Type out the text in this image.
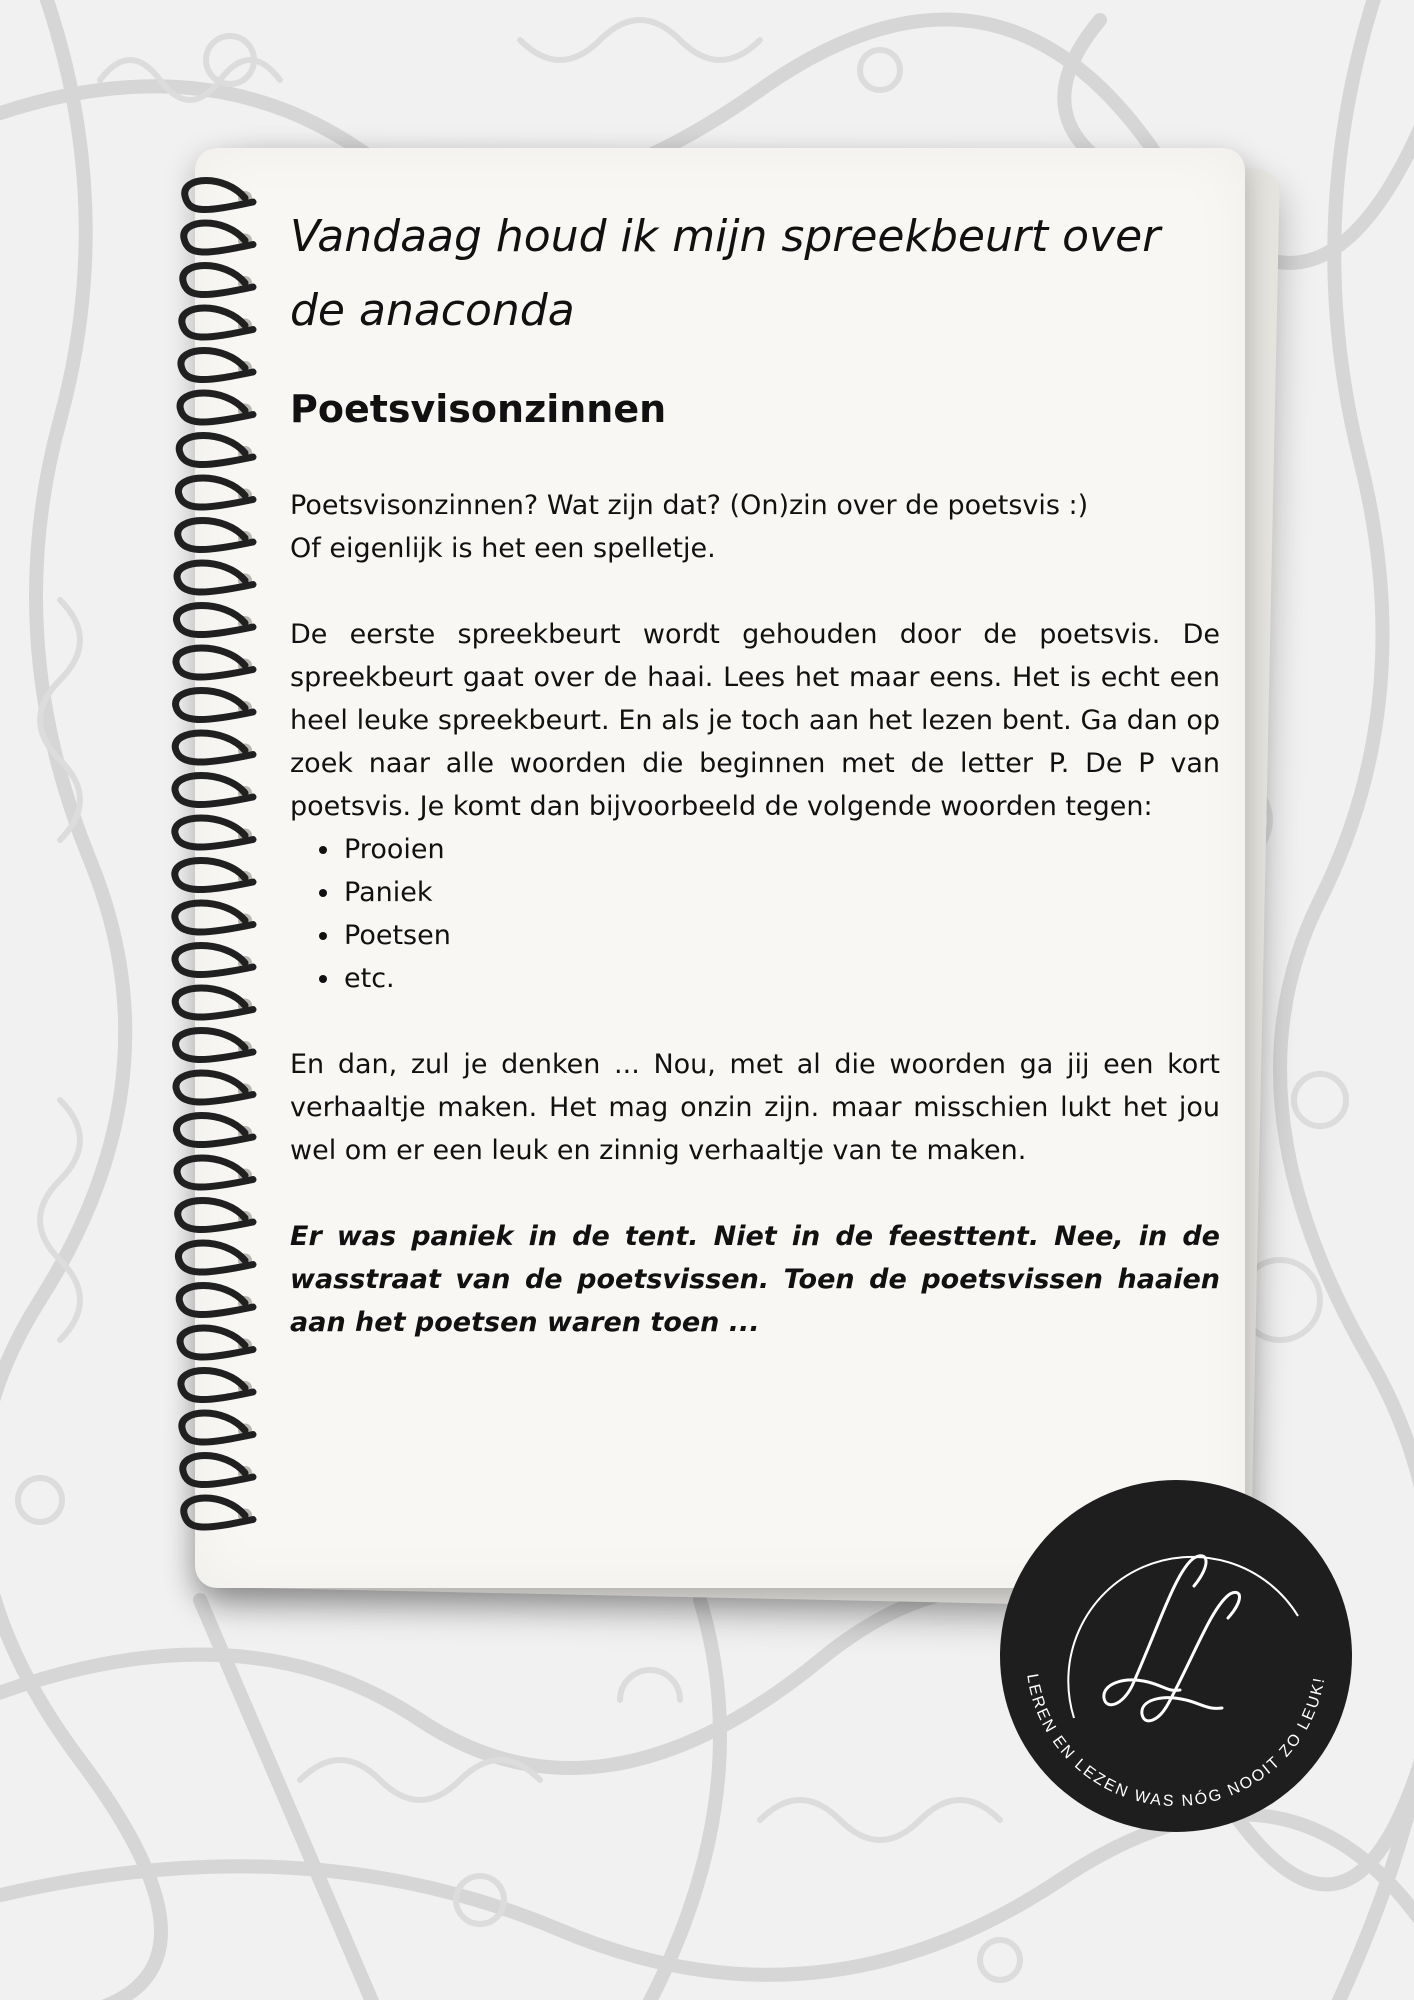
Vandaag houd ik mijn spreekbeurt over de anaconda
Poetsvisonzinnen

Poetsvisonzinnen? Wat zijn dat? (On)zin over de poetsvis :)
Of eigenlijk is het een spelletje.

De eerste spreekbeurt wordt gehouden door de poetsvis. De spreekbeurt gaat over de haai. Lees het maar eens. Het is echt een heel leuke spreekbeurt. En als je toch aan het lezen bent. Ga dan op zoek naar alle woorden die beginnen met de letter P. De P van poetsvis. Je komt dan bijvoorbeeld de volgende woorden tegen:

• Prooien
• Paniek
• Poetsen
• etc.

En dan, zul je denken ... Nou, met al die woorden ga jij een kort verhaaltje maken. Het mag onzin zijn. maar misschien lukt het jou wel om er een leuk en zinnig verhaaltje van te maken.

Er was paniek in de tent. Niet in de feesttent. Nee, in de wasstraat van de poetsvissen. Toen de poetsvissen haaien aan het poetsen waren toen ...

LEREN EN LEZEN WAS NÓG NOOIT ZO LEUK!
